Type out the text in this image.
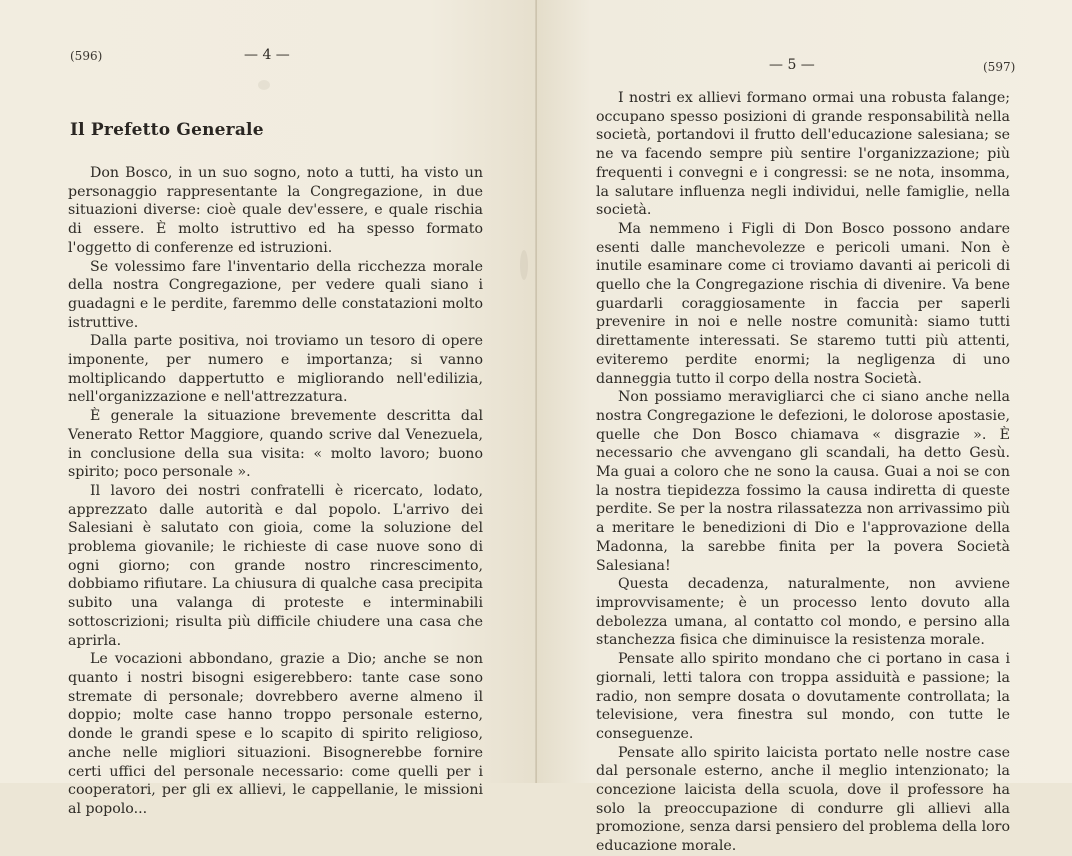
(596)	— 4 —
Il Prefetto Generale

Don Bosco, in un suo sogno, noto a tutti, ha visto un personaggio rappresentante la Congregazione, in due situazioni diverse: cioè quale dev'essere, e quale rischia di essere. È molto istruttivo ed ha spesso formato l'oggetto di conferenze ed istruzioni.

Se volessimo fare l'inventario della ricchezza morale della nostra Congregazione, per vedere quali siano i guadagni e le perdite, faremmo delle constatazioni molto istruttive.

Dalla parte positiva, noi troviamo un tesoro di opere imponente, per numero e importanza; si vanno moltiplicando dappertutto e migliorando nell'edilizia, nell'organizzazione e nell'attrezzatura.

È generale la situazione brevemente descritta dal Venerato Rettor Maggiore, quando scrive dal Venezuela, in conclusione della sua visita: « molto lavoro; buono spirito; poco personale ».

Il lavoro dei nostri confratelli è ricercato, lodato, apprezzato dalle autorità e dal popolo. L'arrivo dei Salesiani è salutato con gioia, come la soluzione del problema giovanile; le richieste di case nuove sono di ogni giorno; con grande nostro rincrescimento, dobbiamo rifiutare. La chiusura di qualche casa precipita subito una valanga di proteste e interminabili sottoscrizioni; risulta più difficile chiudere una casa che aprirla.

Le vocazioni abbondano, grazie a Dio; anche se non quanto i nostri bisogni esigerebbero: tante case sono stremate di personale; dovrebbero averne almeno il doppio; molte case hanno troppo personale esterno, donde le grandi spese e lo scapito di spirito religioso, anche nelle migliori situazioni. Bisognerebbe fornire certi uffici del personale necessario: come quelli per i cooperatori, per gli ex allievi, le cappellanie, le missioni al popolo...

— 5 —	(597)

I nostri ex allievi formano ormai una robusta falange; occupano spesso posizioni di grande responsabilità nella società, portandovi il frutto dell'educazione salesiana; se ne va facendo sempre più sentire l'organizzazione; più frequenti i convegni e i congressi: se ne nota, insomma, la salutare influenza negli individui, nelle famiglie, nella società.

Ma nemmeno i Figli di Don Bosco possono andare esenti dalle manchevolezze e pericoli umani. Non è inutile esaminare come ci troviamo davanti ai pericoli di quello che la Congregazione rischia di divenire. Va bene guardarli coraggiosamente in faccia per saperli prevenire in noi e nelle nostre comunità: siamo tutti direttamente interessati. Se staremo tutti più attenti, eviteremo perdite enormi; la negligenza di uno danneggia tutto il corpo della nostra Società.

Non possiamo meravigliarci che ci siano anche nella nostra Congregazione le defezioni, le dolorose apostasie, quelle che Don Bosco chiamava « disgrazie ». È necessario che avvengano gli scandali, ha detto Gesù. Ma guai a coloro che ne sono la causa. Guai a noi se con la nostra tiepidezza fossimo la causa indiretta di queste perdite. Se per la nostra rilassatezza non arrivassimo più a meritare le benedizioni di Dio e l'approvazione della Madonna, la sarebbe finita per la povera Società Salesiana!

Questa decadenza, naturalmente, non avviene improvvisamente; è un processo lento dovuto alla debolezza umana, al contatto col mondo, e persino alla stanchezza fisica che diminuisce la resistenza morale.

Pensate allo spirito mondano che ci portano in casa i giornali, letti talora con troppa assiduità e passione; la radio, non sempre dosata o dovutamente controllata; la televisione, vera finestra sul mondo, con tutte le conseguenze.

Pensate allo spirito laicista portato nelle nostre case dal personale esterno, anche il meglio intenzionato; la concezione laicista della scuola, dove il professore ha solo la preoccupazione di condurre gli allievi alla promozione, senza darsi pensiero del problema della loro educazione morale.
